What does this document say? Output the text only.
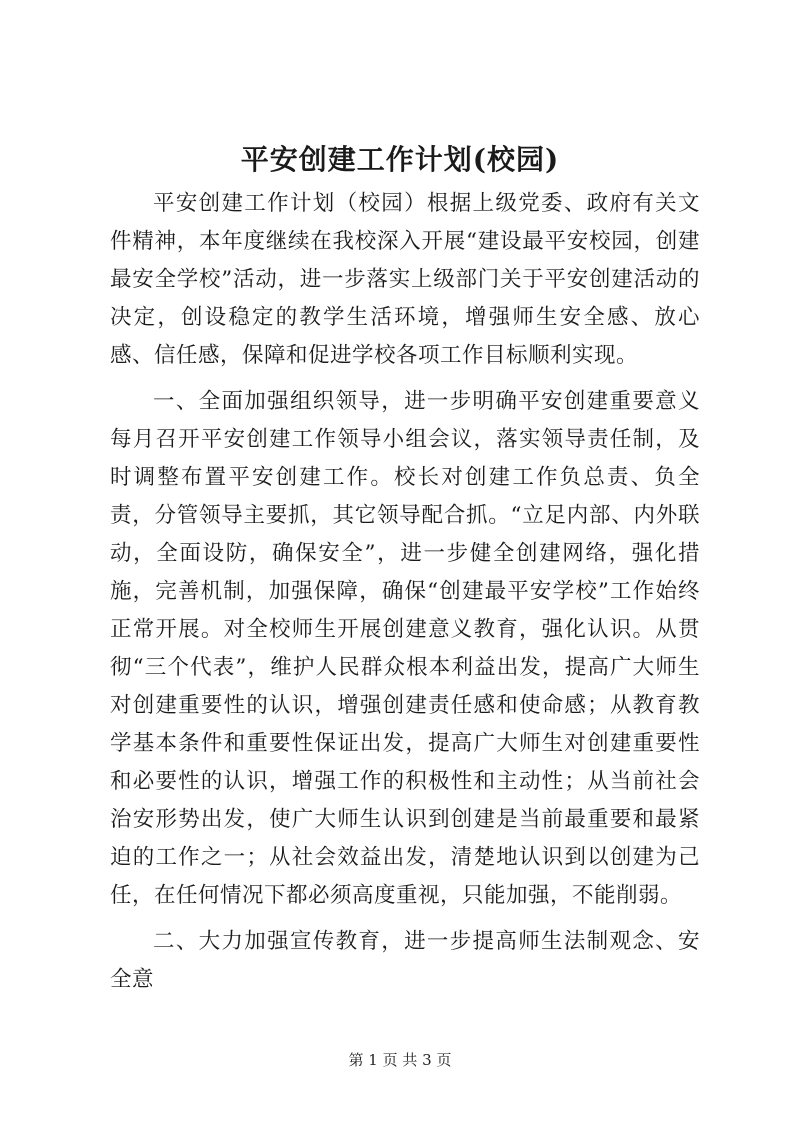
平安创建工作计划(校园)

平安创建工作计划（校园）根据上级党委、政府有关文件精神，本年度继续在我校深入开展“建设最平安校园，创建最安全学校”活动，进一步落实上级部门关于平安创建活动的决定，创设稳定的教学生活环境，增强师生安全感、放心感、信任感，保障和促进学校各项工作目标顺利实现。

一、全面加强组织领导，进一步明确平安创建重要意义每月召开平安创建工作领导小组会议，落实领导责任制，及时调整布置平安创建工作。校长对创建工作负总责、负全责，分管领导主要抓，其它领导配合抓。“立足内部、内外联动，全面设防，确保安全”，进一步健全创建网络，强化措施，完善机制，加强保障，确保“创建最平安学校”工作始终正常开展。对全校师生开展创建意义教育，强化认识。从贯彻“三个代表”，维护人民群众根本利益出发，提高广大师生对创建重要性的认识，增强创建责任感和使命感；从教育教学基本条件和重要性保证出发，提高广大师生对创建重要性和必要性的认识，增强工作的积极性和主动性；从当前社会治安形势出发，使广大师生认识到创建是当前最重要和最紧迫的工作之一；从社会效益出发，清楚地认识到以创建为己任，在任何情况下都必须高度重视，只能加强，不能削弱。

二、大力加强宣传教育，进一步提高师生法制观念、安全意

第 1 页 共 3 页
